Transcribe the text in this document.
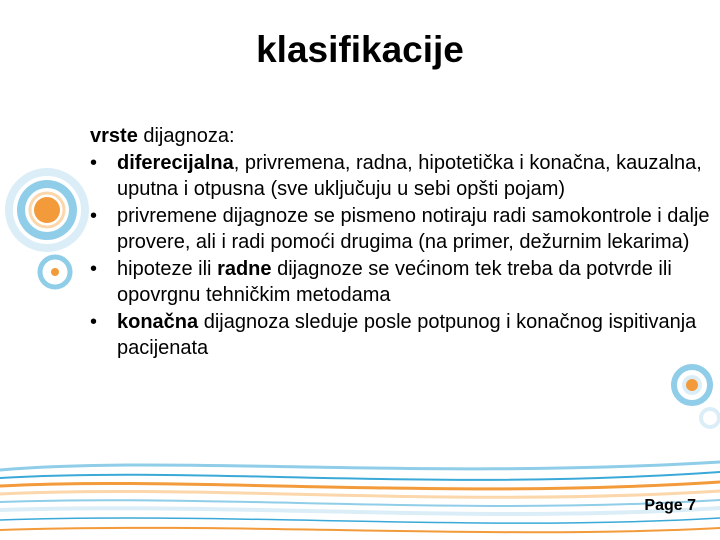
klasifikacije
vrste dijagnoza:
• diferecijalna, privremena, radna, hipotetička i konačna, kauzalna, uputna i otpusna (sve uključuju u sebi opšti pojam)
• privremene dijagnoze se pismeno notiraju radi samokontrole i dalje provere, ali i radi pomoći drugima (na primer, dežurnim lekarima)
• hipoteze ili radne dijagnoze se većinom tek treba da potvrde ili opovrgnu tehničkim metodama
• konačna dijagnoza sleduje posle potpunog i konačnog ispitivanja pacijenata
Page 7
